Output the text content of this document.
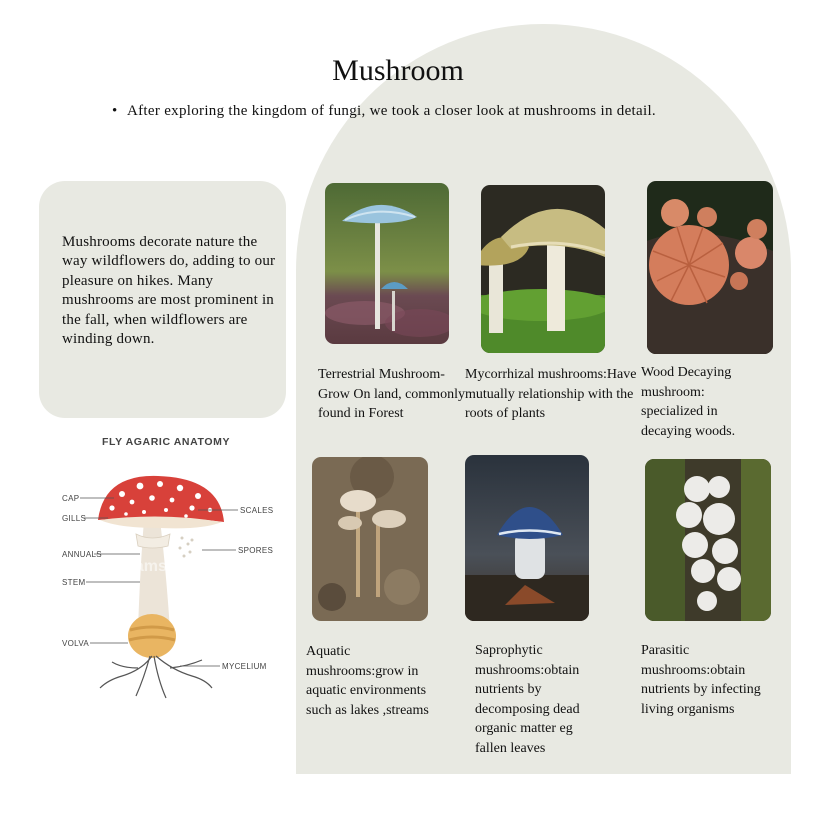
Mushroom
• After exploring the kingdom of fungi, we took a closer look at mushrooms in detail.

Mushrooms decorate nature the way wildflowers do, adding to our pleasure on hikes. Many mushrooms are most prominent in the fall, when wildflowers are winding down.

Terrestrial Mushroom-Grow On land, commonly found in Forest

Mycorrhizal mushrooms:Have mutually relationship with the roots of plants

Wood Decaying mushroom: specialized in decaying woods.

Aquatic mushrooms:grow in aquatic environments such as lakes ,streams

Saprophytic mushrooms:obtain nutrients by decomposing dead organic matter eg fallen leaves

Parasitic mushrooms:obtain nutrients by infecting living organisms

FLY AGARIC ANATOMY
dreamstime.
CAP
GILLS
ANNUALS
STEM
VOLVA
SCALES
SPORES
MYCELIUM
